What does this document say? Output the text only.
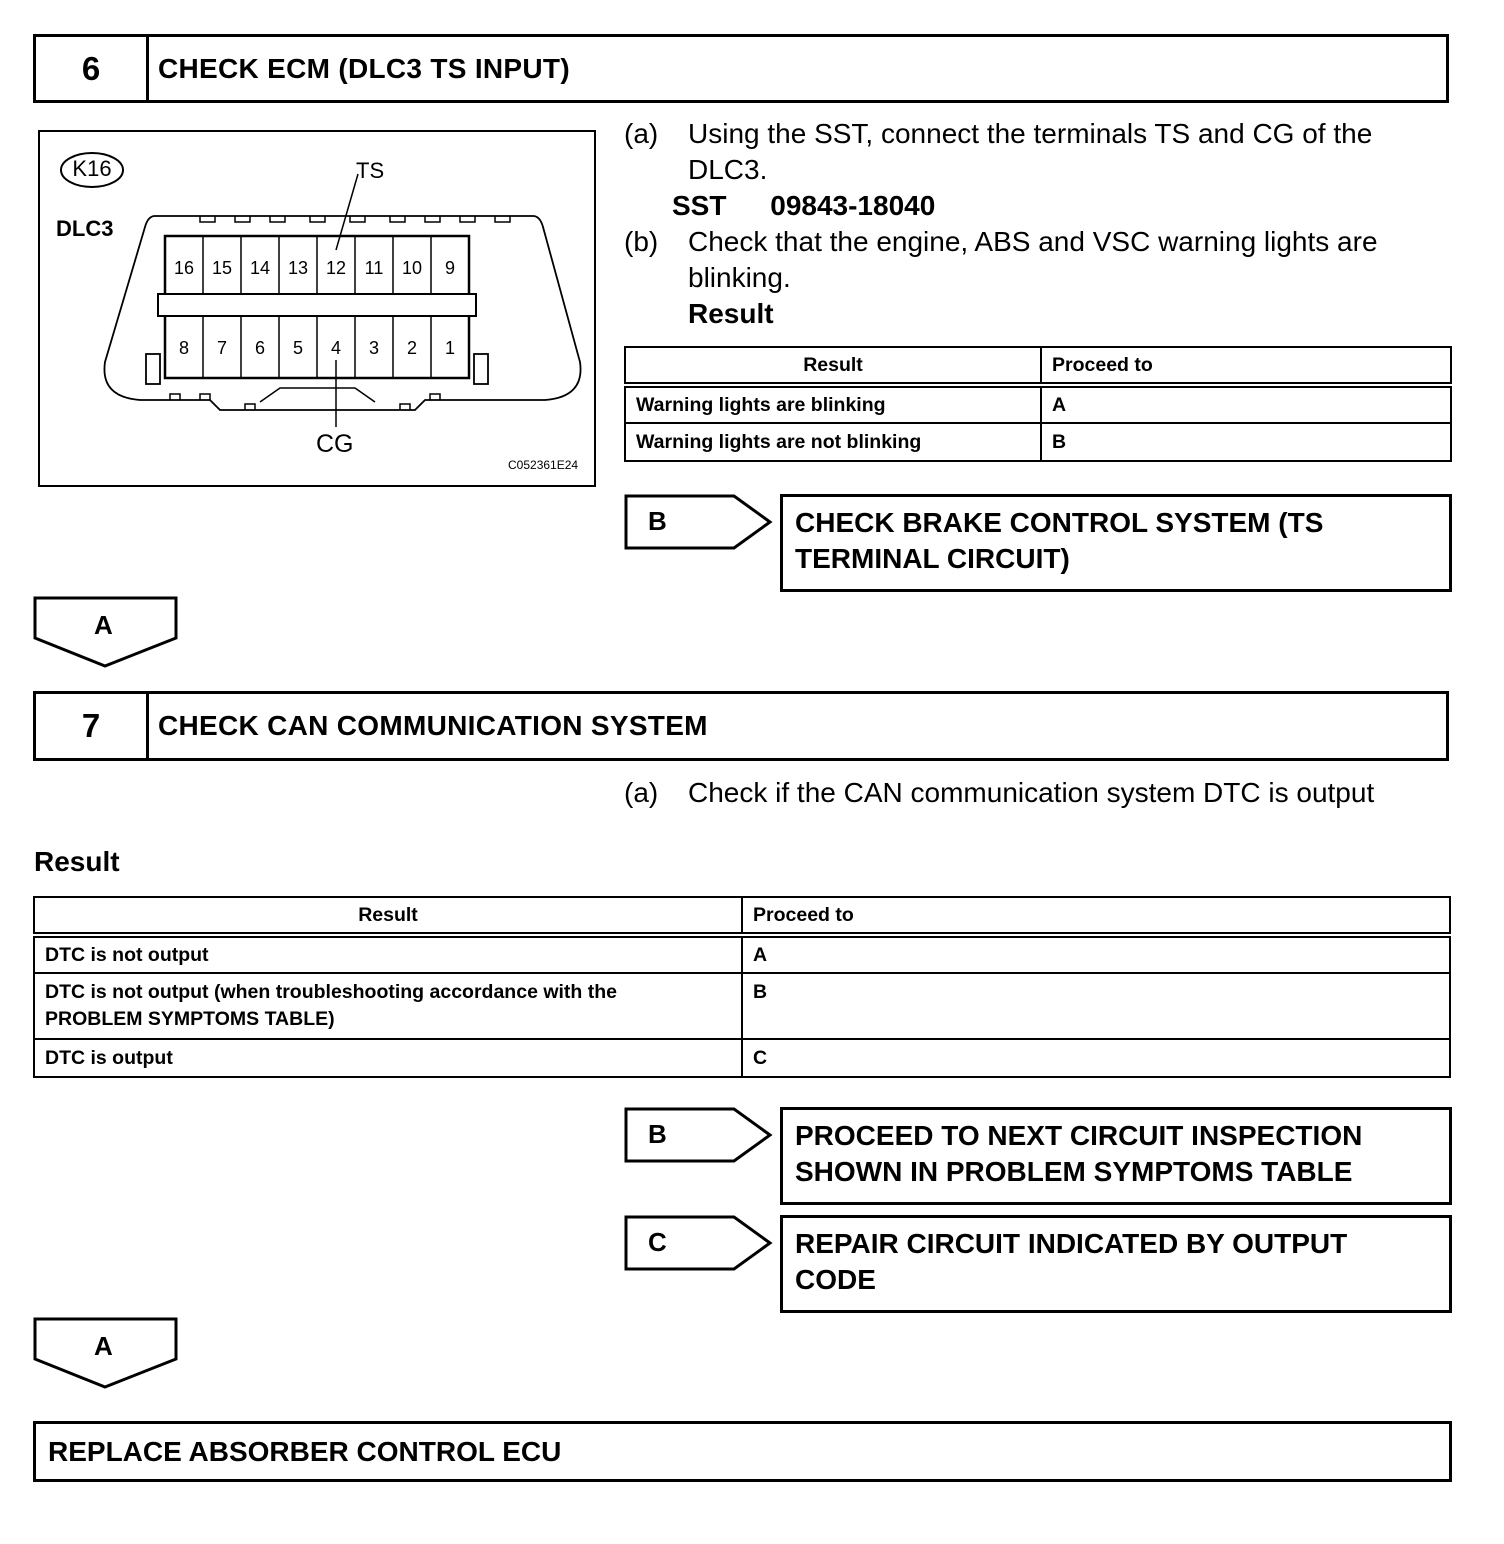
6	CHECK ECM (DLC3 TS INPUT)
K16
DLC3
TS
CG
C052361E24
16 15 14 13 12	11	10	9
8	7	6	5	4	3	2	1
(a) Using the SST, connect the terminals TS and CG of the
DLC3.
SST 09843-18040
(b) Check that the engine, ABS and VSC warning lights are
blinking.
Result
Result	Proceed to
Warning lights are blinking	A
Warning lights are not blinking	B
B	CHECK BRAKE CONTROL SYSTEM (TS
TERMINAL CIRCUIT)
A
7	CHECK CAN COMMUNICATION SYSTEM
(a) Check if the CAN communication system DTC is output
Result
Result	Proceed to

DTC is not output	A

DTC is not output (when troubleshooting accordance with the
PROBLEM SYMPTOMS TABLE)	B

DTC is output	C
B	PROCEED TO NEXT CIRCUIT INSPECTION
SHOWN IN PROBLEM SYMPTOMS TABLE
C	REPAIR CIRCUIT INDICATED BY OUTPUT
CODE
A
REPLACE ABSORBER CONTROL ECU
